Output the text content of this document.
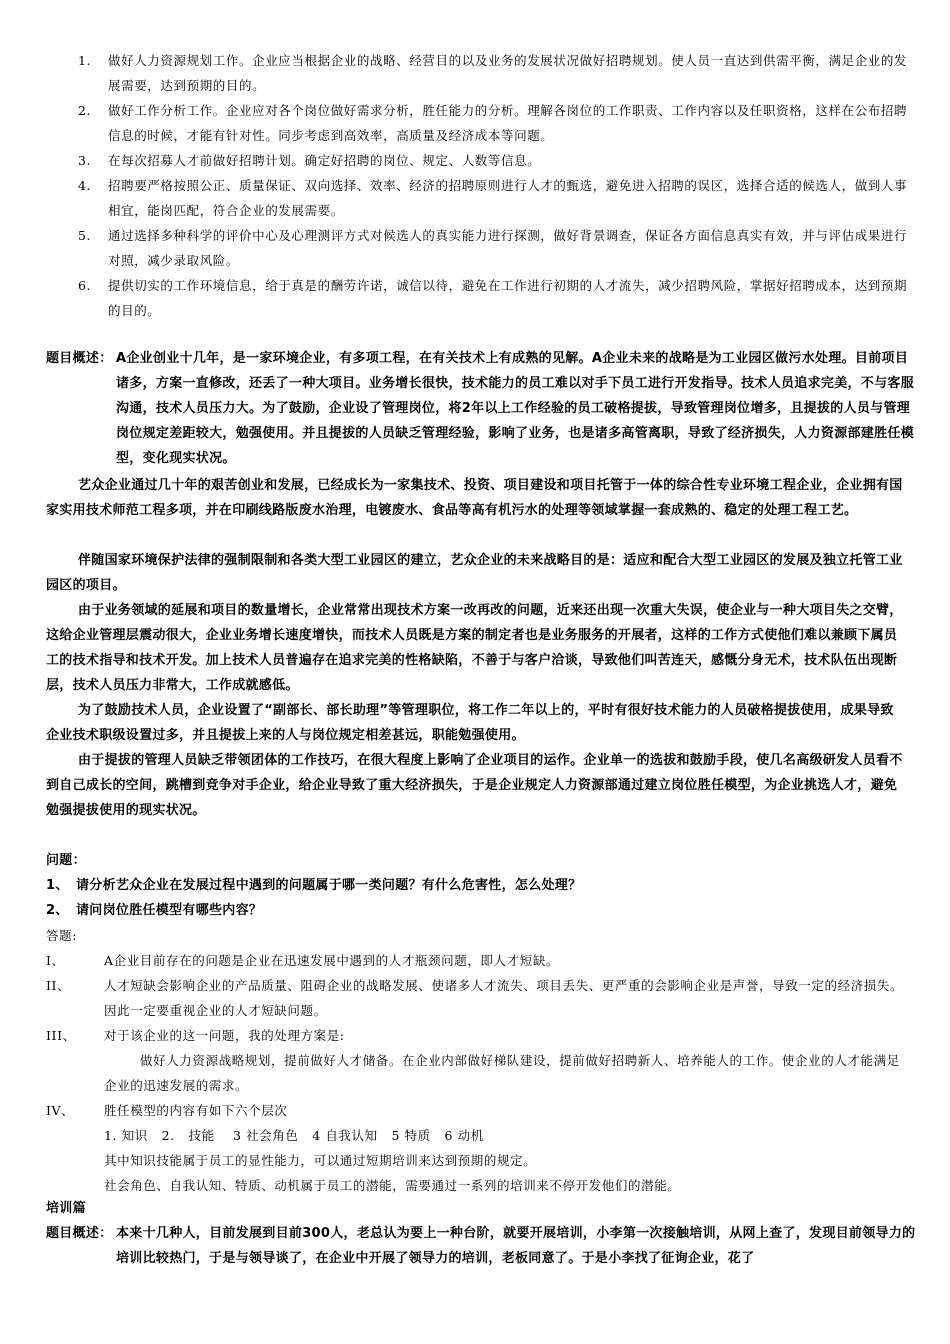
1. 做好人力资源规划工作。企业应当根据企业的战略、经营目的以及业务的发展状况做好招聘规划。使人员一直达到供需平衡，满足企业的发展需要，达到预期的目的。
2. 做好工作分析工作。企业应对各个岗位做好需求分析，胜任能力的分析。理解各岗位的工作职责、工作内容以及任职资格，这样在公布招聘信息的时候，才能有针对性。同步考虑到高效率，高质量及经济成本等问题。
3. 在每次招募人才前做好招聘计划。确定好招聘的岗位、规定、人数等信息。
4. 招聘要严格按照公正、质量保证、双向选择、效率、经济的招聘原则进行人才的甄选，避免进入招聘的误区，选择合适的候选人，做到人事相宜，能岗匹配，符合企业的发展需要。
5. 通过选择多种科学的评价中心及心理测评方式对候选人的真实能力进行探测，做好背景调查，保证各方面信息真实有效，并与评估成果进行对照，减少录取风险。
6. 提供切实的工作环境信息，给于真是的酬劳许诺，诚信以待，避免在工作进行初期的人才流失，减少招聘风险，掌据好招聘成本，达到预期的目的。
题目概述： A企业创业十几年，是一家环境企业，有多项工程，在有关技术上有成熟的见解。A企业未来的战略是为工业园区做污水处理。目前项目诸多，方案一直修改，还丢了一种大项目。业务增长很快，技术能力的员工难以对手下员工进行开发指导。技术人员追求完美，不与客服沟通，技术人员压力大。为了鼓励，企业设了管理岗位，将2年以上工作经验的员工破格提拔，导致管理岗位增多，且提拔的人员与管理岗位规定差距较大，勉强使用。并且提拔的人员缺乏管理经验，影响了业务，也是诸多高管离职，导致了经济损失，人力资源部建胜任模型，变化现实状况。
艺众企业通过几十年的艰苦创业和发展，已经成长为一家集技术、投资、项目建设和项目托管于一体的综合性专业环境工程企业，企业拥有国家实用技术师范工程多项，并在印刷线路版废水治理，电镀废水、食品等高有机污水的处理等领域掌握一套成熟的、稳定的处理工程工艺。
伴随国家环境保护法律的强制限制和各类大型工业园区的建立，艺众企业的未来战略目的是：适应和配合大型工业园区的发展及独立托管工业园区的项目。
由于业务领域的延展和项目的数量增长，企业常常出现技术方案一改再改的问题，近来还出现一次重大失误，使企业与一种大项目失之交臂，这给企业管理层震动很大，企业业务增长速度增快，而技术人员既是方案的制定者也是业务服务的开展者，这样的工作方式使他们难以兼顾下属员工的技术指导和技术开发。加上技术人员普遍存在追求完美的性格缺陷，不善于与客户洽谈，导致他们叫苦连天，感慨分身无术，技术队伍出现断层，技术人员压力非常大，工作成就感低。
为了鼓励技术人员，企业设置了“副部长、部长助理”等管理职位，将工作二年以上的，平时有很好技术能力的人员破格提拔使用，成果导致企业技术职级设置过多，并且提拔上来的人与岗位规定相差甚远，职能勉强使用。
由于提拔的管理人员缺乏带领团体的工作技巧，在很大程度上影响了企业项目的运作。企业单一的选拔和鼓励手段，使几名高级研发人员看不到自己成长的空间，跳槽到竞争对手企业，给企业导致了重大经济损失，于是企业规定人力资源部通过建立岗位胜任模型，为企业挑选人才，避免勉强提拔使用的现实状况。
问题：
1、 请分析艺众企业在发展过程中遇到的问题属于哪一类问题？有什么危害性，怎么处理？
2、 请问岗位胜任模型有哪些内容？
答题:
I、	A企业目前存在的问题是企业在迅速发展中遇到的人才瓶颈问题，即人才短缺。
II、	人才短缺会影响企业的产品质量、阻碍企业的战略发展、使诸多人才流失、项目丢失、更严重的会影响企业是声誉，导致一定的经济损失。因此一定要重视企业的人才短缺问题。
III、 对于该企业的这一问题，我的处理方案是:
做好人力资源战略规划，提前做好人才储备。在企业内部做好梯队建设，提前做好招聘新人、培养能人的工作。使企业的人才能满足企业的迅速发展的需求。
IV、 胜任模型的内容有如下六个层次
1. 知识   2.   技能    3 社会角色   4 自我认知   5 特质   6 动机
其中知识技能属于员工的显性能力，可以通过短期培训来达到预期的规定。
社会角色、自我认知、特质、动机属于员工的潜能，需要通过一系列的培训来不停开发他们的潜能。
培训篇
题目概述： 本来十几种人，目前发展到目前300人，老总认为要上一种台阶，就要开展培训，小李第一次接触培训，从网上查了，发现目前领导力的培训比较热门，于是与领导谈了，在企业中开展了领导力的培训，老板同意了。于是小李找了征询企业，花了
